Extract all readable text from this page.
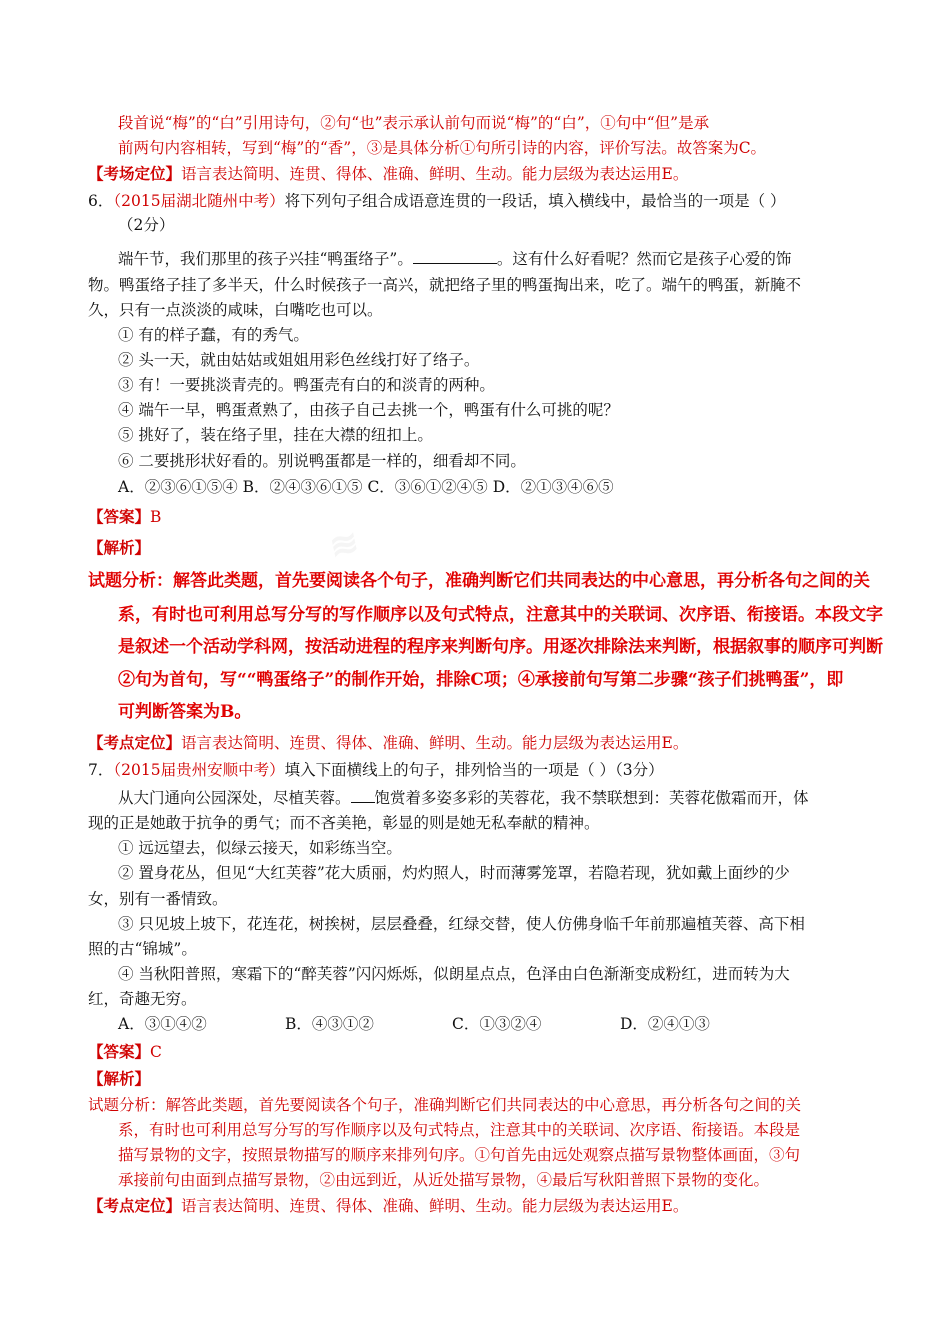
≋
段首说“梅”的“白”引用诗句，②句“也”表示承认前句而说“梅”的“白”，①句中“但”是承
前两句内容相转，写到“梅”的“香”，③是具体分析①句所引诗的内容，评价写法。故答案为C。
【考场定位】语言表达简明、连贯、得体、准确、鲜明、生动。能力层级为表达运用E。
6．（2015届湖北随州中考）将下列句子组合成语意连贯的一段话，填入横线中，最恰当的一项是（ ）
（2分）
端午节，我们那里的孩子兴挂“鸭蛋络子”。	。这有什么好看呢？然而它是孩子心爱的饰
物。鸭蛋络子挂了多半天，什么时候孩子一高兴，就把络子里的鸭蛋掏出来，吃了。端午的鸭蛋，新腌不
久，只有一点淡淡的咸味，白嘴吃也可以。
① 有的样子蠢，有的秀气。
② 头一天，就由姑姑或姐姐用彩色丝线打好了络子。
③ 有！一要挑淡青壳的。鸭蛋壳有白的和淡青的两种。
④ 端午一早，鸭蛋煮熟了，由孩子自己去挑一个，鸭蛋有什么可挑的呢？
⑤ 挑好了，装在络子里，挂在大襟的纽扣上。
⑥ 二要挑形状好看的。别说鸭蛋都是一样的，细看却不同。
A．②③⑥①⑤④ B．②④③⑥①⑤ C．③⑥①②④⑤ D．②①③④⑥⑤
【答案】B
【解析】
试题分析：解答此类题，首先要阅读各个句子，准确判断它们共同表达的中心意思，再分析各句之间的关
系，有时也可利用总写分写的写作顺序以及句式特点，注意其中的关联词、次序语、衔接语。本段文字
是叙述一个活动学科网，按活动进程的程序来判断句序。用逐次排除法来判断，根据叙事的顺序可判断
②句为首句，写““鸭蛋络子”的制作开始，排除C项；④承接前句写第二步骤“孩子们挑鸭蛋”，即
可判断答案为B。
【考点定位】语言表达简明、连贯、得体、准确、鲜明、生动。能力层级为表达运用E。
7．（2015届贵州安顺中考）填入下面横线上的句子，排列恰当的一项是（ ）（3分）
从大门通向公园深处，尽植芙蓉。 饱赏着多姿多彩的芙蓉花，我不禁联想到：芙蓉花傲霜而开，体
现的正是她敢于抗争的勇气；而不吝美艳，彰显的则是她无私奉献的精神。
① 远远望去，似绿云接天，如彩练当空。
② 置身花丛，但见“大红芙蓉”花大质丽，灼灼照人，时而薄雾笼罩，若隐若现，犹如戴上面纱的少
女，别有一番情致。
③ 只见坡上坡下，花连花，树挨树，层层叠叠，红绿交替，使人仿佛身临千年前那遍植芙蓉、高下相
照的古“锦城”。
④ 当秋阳普照，寒霜下的“醉芙蓉”闪闪烁烁，似朗星点点，色泽由白色渐渐变成粉红，进而转为大
红，奇趣无穷。
A．③①④②	B．④③①②	C．①③②④	D．②④①③
【答案】C
【解析】
试题分析：解答此类题，首先要阅读各个句子，准确判断它们共同表达的中心意思，再分析各句之间的关
系，有时也可利用总写分写的写作顺序以及句式特点，注意其中的关联词、次序语、衔接语。本段是
描写景物的文字，按照景物描写的顺序来排列句序。①句首先由远处观察点描写景物整体画面，③句
承接前句由面到点描写景物，②由远到近，从近处描写景物，④最后写秋阳普照下景物的变化。
【考点定位】语言表达简明、连贯、得体、准确、鲜明、生动。能力层级为表达运用E。
